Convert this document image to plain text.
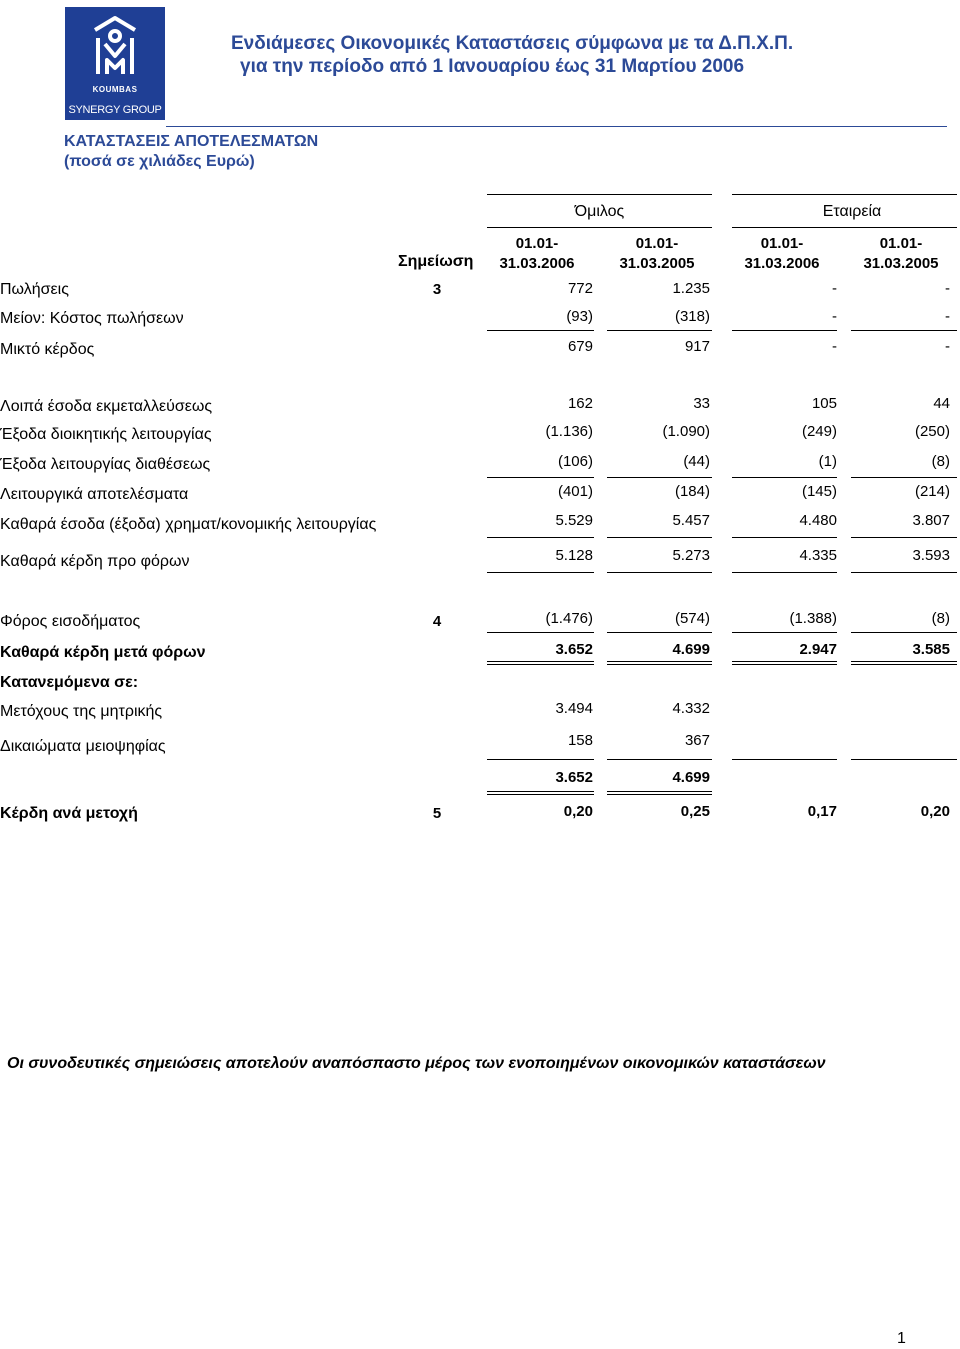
KOUMBAS
SYNERGY GROUP
Ενδιάμεσες Οικονομικές Καταστάσεις σύμφωνα με τα Δ.Π.Χ.Π.
για την περίοδο από 1 Ιανουαρίου έως 31 Μαρτίου 2006
ΚΑΤΑΣΤΑΣΕΙΣ ΑΠΟΤΕΛΕΣΜΑΤΩΝ
(ποσά σε χιλιάδες Ευρώ)
Όμιλος	Εταιρεία
Σημείωση
01.01-
31.03.2006
01.01-
31.03.2005
01.01-
31.03.2006
01.01-
31.03.2005
Πωλήσεις	3	772	1.235	-	-
Μείον: Κόστος πωλήσεων	(93)	(318)	-	-
Μικτό κέρδος	679	917	-	-
Λοιπά έσοδα εκμεταλλεύσεως	162	33	105	44
Έξοδα διοικητικής λειτουργίας	(1.136)	(1.090)	(249)	(250)
Έξοδα λειτουργίας διαθέσεως	(106)	(44)	(1)	(8)
Λειτουργικά αποτελέσματα	(401)	(184)	(145)	(214)
Καθαρά έσοδα (έξοδα) χρηματ/κονομικής λειτουργίας	5.529	5.457	4.480	3.807
Καθαρά κέρδη προ φόρων	5.128	5.273	4.335	3.593
Φόρος εισοδήματος	4	(1.476)	(574)	(1.388)	(8)
Καθαρά κέρδη μετά φόρων	3.652	4.699	2.947	3.585
Κατανεμόμενα σε:
Μετόχους της μητρικής	3.494	4.332
Δικαιώματα μειοψηφίας	158	367
3.652	4.699
Κέρδη ανά μετοχή	5	0,20	0,25	0,17	0,20
Οι συνοδευτικές σημειώσεις αποτελούν αναπόσπαστο μέρος των ενοποιημένων οικονομικών καταστάσεων
1
